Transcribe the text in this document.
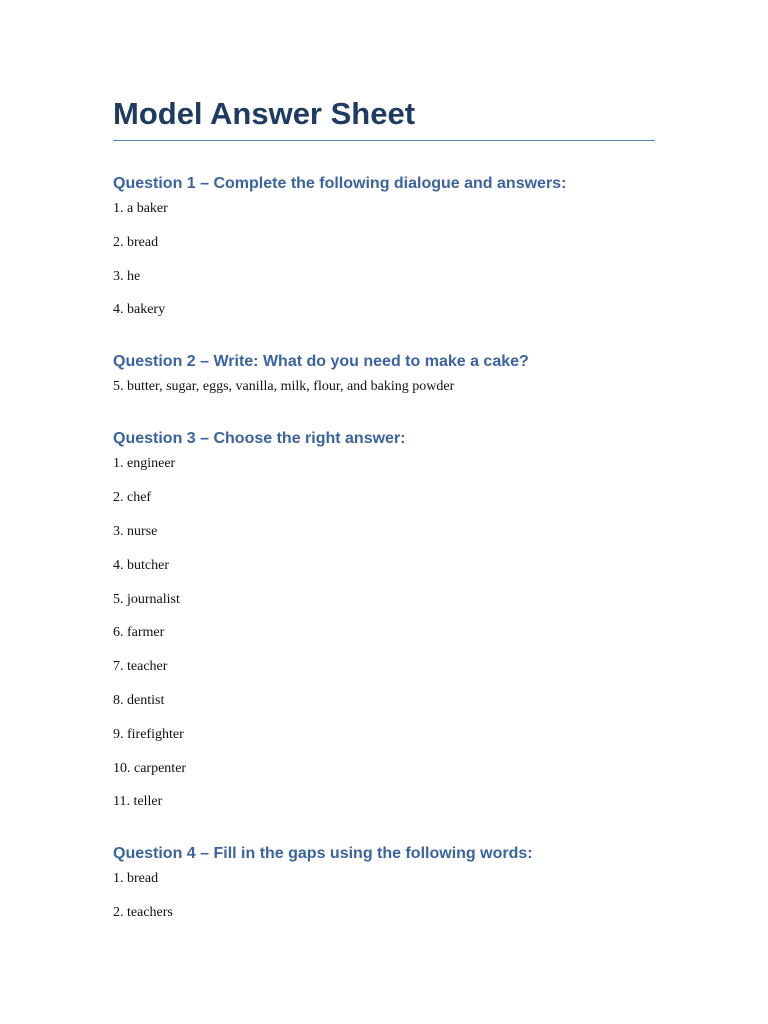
Model Answer Sheet
Question 1 – Complete the following dialogue and answers:
1. a baker
2. bread
3. he
4. bakery
Question 2 – Write: What do you need to make a cake?
5. butter, sugar, eggs, vanilla, milk, flour, and baking powder
Question 3 – Choose the right answer:
1. engineer
2. chef
3. nurse
4. butcher
5. journalist
6. farmer
7. teacher
8. dentist
9. firefighter
10. carpenter
11. teller
Question 4 – Fill in the gaps using the following words:
1. bread
2. teachers
